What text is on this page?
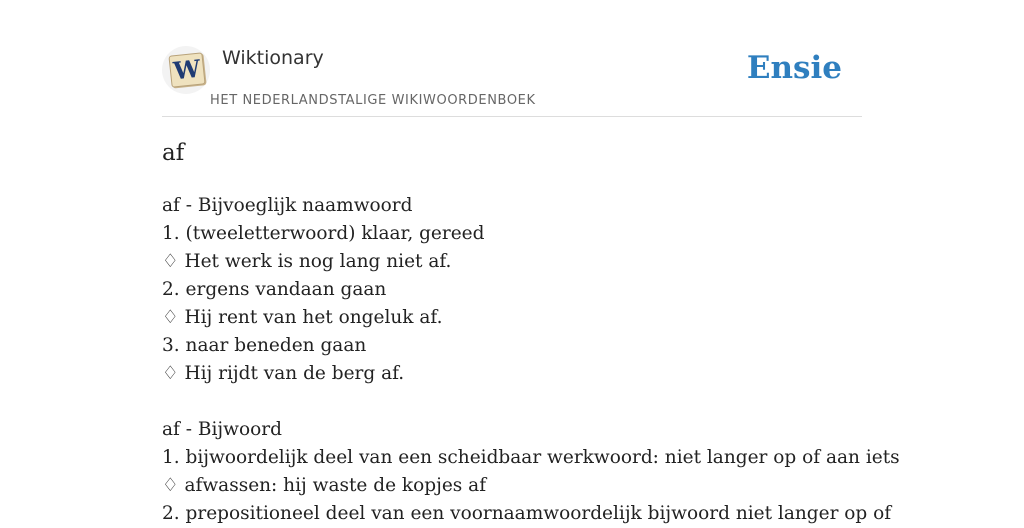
W Wiktionary
HET NEDERLANDSTALIGE WIKIWOORDENBOEK
Ensie
af
af - Bijvoeglijk naamwoord
1. (tweeletterwoord) klaar, gereed
♢ Het werk is nog lang niet af.
2. ergens vandaan gaan
♢ Hij rent van het ongeluk af.
3. naar beneden gaan
♢ Hij rijdt van de berg af.
af - Bijwoord
1. bijwoordelijk deel van een scheidbaar werkwoord: niet langer op of aan iets
♢ afwassen: hij waste de kopjes af
2. prepositioneel deel van een voornaamwoordelijk bijwoord niet langer op of
